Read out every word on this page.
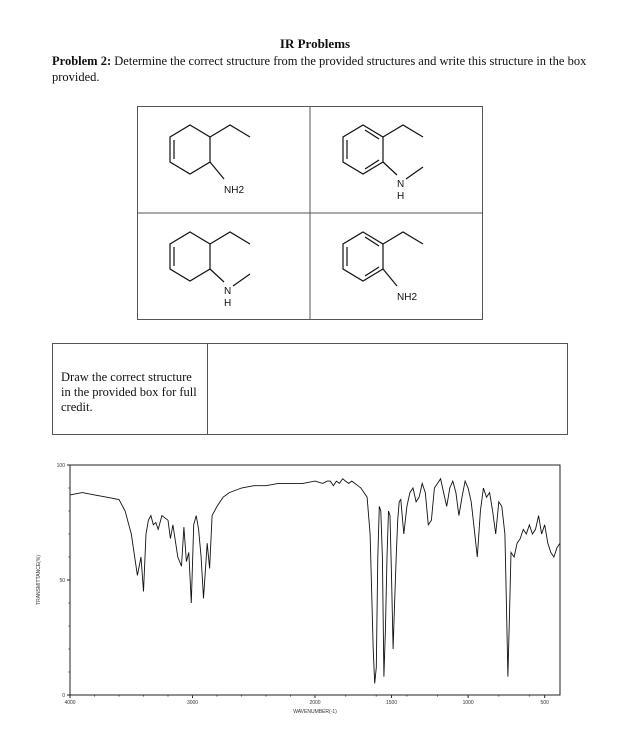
IR Problems
Problem 2: Determine the correct structure from the provided structures and write this structure in the box provided.
NH2
N
H
N
H
NH2
Draw the correct structure in the provided box for full credit.
4000	3000	2000	1500	1000	500
100
50
0
WAVENUMBER(-1)
TRANSMITTANCE(%)
